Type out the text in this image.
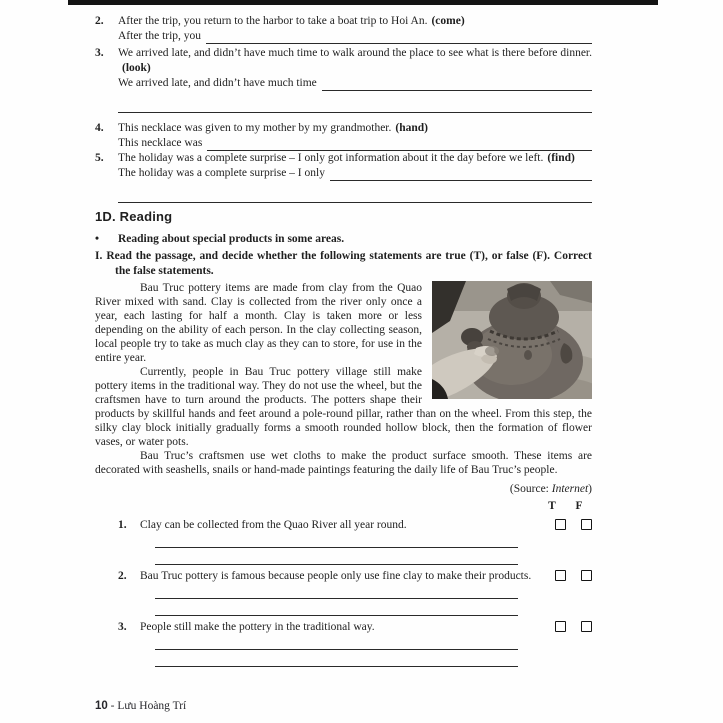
2.	After the trip, you return to the harbor to take a boat trip to Hoi An. (come)
After the trip, you
3.	We arrived late, and didn’t have much time to walk around the place to see what is there before dinner.(look)
We arrived late, and didn’t have much time
4.	This necklace was given to my mother by my grandmother. (hand)
This necklace was
5.	The holiday was a complete surprise – I only got information about it the day before we left. (find)
The holiday was a complete surprise – I only
1D. Reading
•	Reading about special products in some areas.
I. Read the passage, and decide whether the following statements are true (T), or false (F). Correct the false statements.

Bau Truc pottery items are made from clay from the Quao River mixed with sand. Clay is collected from the river only once a year, each lasting for half a month. Clay is taken more or less depending on the ability of each person. In the clay collecting season, local people try to take as much clay as they can to store, for use in the entire year.

Currently, people in Bau Truc pottery village still make pottery items in the traditional way. They do not use the wheel, but the craftsmen have to turn around the products. The potters shape their products by skillful hands and feet around a pole-round pillar, rather than on the wheel. From this step, the silky clay block initially gradually forms a smooth rounded hollow block, then the formation of flower vases, or water pots.

Bau Truc’s craftsmen use wet cloths to make the product surface smooth. These items are decorated with seashells, snails or hand-made paintings featuring the daily life of Bau Truc’s people.

(Source: Internet)
T F
1.	Clay can be collected from the Quao River all year round.
2.	Bau Truc pottery is famous because people only use fine clay to make their products.
3.	People still make the pottery in the traditional way.
10 - Lưu Hoàng Trí
